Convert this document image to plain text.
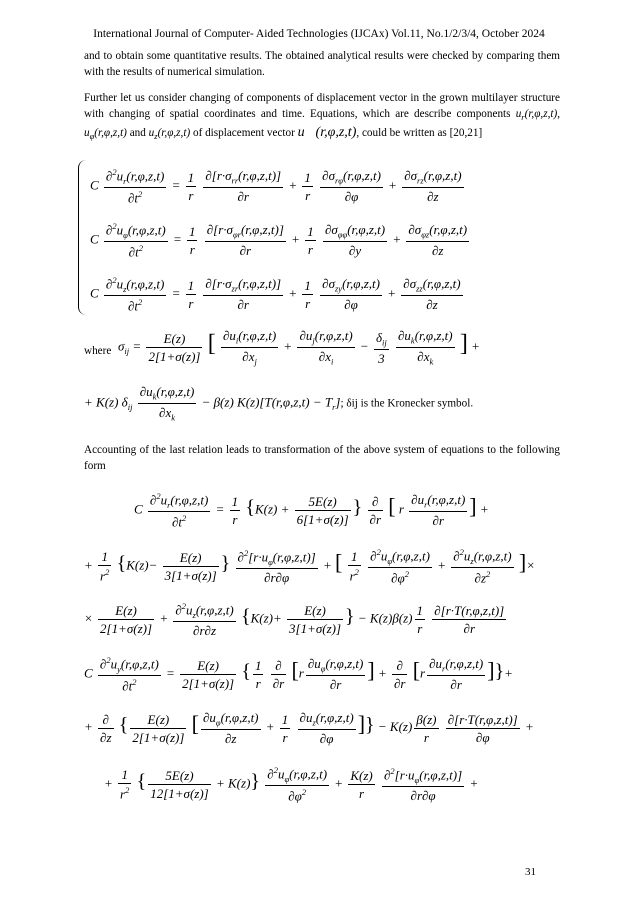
International Journal of Computer- Aided Technologies (IJCAx) Vol.11, No.1/2/3/4, October 2024

and to obtain some quantitative results. The obtained analytical results were checked by comparing them with the results of numerical simulation.

Further let us consider changing of components of displacement vector in the grown multilayer structure with changing of spatial coordinates and time. Equations, which are describe components $u_r(r,\varphi,z,t)$, $u_\varphi(r,\varphi,z,t)$ and $u_z(r,\varphi,z,t)$ of displacement vector u⃗(r,φ,z,t), could be written as [20,21]

C $\frac{\partial^2u_r(r,\varphi,z,t)}{\partial t^2} = \frac{1}{r}$
$\frac{\partial[r\cdot\sigma_{rr}(r,\varphi,z,t)]}{\partial r} + \frac{1}{r}$
$\frac{\partial\sigma_{r\varphi}(r,\varphi,z,t)}{\partial\varphi} + \frac{\partial\sigma_{rz}(r,\varphi,z,t)}{\partial z}$
C $\frac{\partial^2u_\varphi(r,\varphi,z,t)}{\partial t^2} = \frac{1}{r}$
$\frac{\partial[r\cdot\sigma_{\varphi r}(r,\varphi,z,t)]}{\partial r} + \frac{1}{r}$
$\frac{\partial\sigma_{\varphi\varphi}(r,\varphi,z,t)}{\partial y} + \frac{\partial\sigma_{\varphi z}(r,\varphi,z,t)}{\partial z}$
C $\frac{\partial^2u_z(r,\varphi,z,t)}{\partial t^2} = \frac{1}{r}$
$\frac{\partial[r\cdot\sigma_{zr}(r,\varphi,z,t)]}{\partial r} + \frac{1}{r}$
$\frac{\partial\sigma_{zy}(r,\varphi,z,t)}{\partial\varphi} + \frac{\partial\sigma_{zz}(r,\varphi,z,t)}{\partial z}$
where $\sigma_{ij} = \frac{E(z)}{2[1+\sigma(z)]}$ [ $\frac{\partial u_i(r,\varphi,z,t)}{\partial x_j} + \frac{\partial u_j(r,\varphi,z,t)}{\partial x_i} - \frac{\delta_{ij}}{3}$
$\frac{\partial u_k(r,\varphi,z,t)}{\partial x_k}$ ] +
+ K(z) $\delta_{ij} \frac{\partial u_k(r,\varphi,z,t)}{\partial x_k} - \beta(z) K(z)[T(r,\varphi,z,t) - T_r]$; δij is the Kronecker symbol.

Accounting of the last relation leads to transformation of the above system of equations to the following form

C $\frac{\partial^2u_r(r,\varphi,z,t)}{\partial t^2} = \frac{1}{r} \{K(z) + \frac{5E(z)}{6[1+\sigma(z)]}$ } $\frac{\partial}{\partial r}$ [ r $\frac{\partial u_r(r,\varphi,z,t)}{\partial r}$ ] +
+ $\frac{1}{r^2} \{K(z)- \frac{E(z)}{3[1+\sigma(z)]}$ } $\frac{\partial^2[r\cdot u_\varphi(r,\varphi,z,t)]}{\partial r\partial\varphi}$ + [ $\frac{1}{r^2}$
$\frac{\partial^2u_\varphi(r,\varphi,z,t)}{\partial\varphi^2} + \frac{\partial^2u_z(r,\varphi,z,t)}{\partial z^2}$ ]×
× $\frac{E(z)}{2[1+\sigma(z)]} + \frac{\partial^2u_z(r,\varphi,z,t)}{\partial r\partial z} \{K(z)+ \frac{E(z)}{3[1+\sigma(z)]}$ } − $K(z)\beta(z) \frac{1}{r}$
$\frac{\partial[r\cdot T(r,\varphi,z,t)]}{\partial r}$
C $\frac{\partial^2u_y(r,\varphi,z,t)}{\partial t^2} = \frac{E(z)}{2[1+\sigma(z)]}$ { $\frac{1}{r}$
$\frac{\partial}{\partial r} [r \frac{\partial u_\varphi(r,\varphi,z,t)}{\partial r}$ ] + $\frac{\partial}{\partial r} [r \frac{\partial u_r(r,\varphi,z,t)}{\partial r}$ ]}+
+ $\frac{\partial}{\partial z}$ { $\frac{E(z)}{2[1+\sigma(z)]}$ [ $\frac{\partial u_\varphi(r,\varphi,z,t)}{\partial z} + \frac{1}{r}$
$\frac{\partial u_z(r,\varphi,z,t)}{\partial\varphi}$ ]} − $K(z) \frac{\beta(z)}{r}$
$\frac{\partial[r\cdot T(r,\varphi,z,t)]}{\partial\varphi}$ +
+ $\frac{1}{r^2}$ { $\frac{5E(z)}{12[1+\sigma(z)]} + K(z)\} \frac{\partial^2u_\varphi(r,\varphi,z,t)}{\partial\varphi^2} + \frac{K(z)}{r}$
$\frac{\partial^2[r\cdot u_\varphi(r,\varphi,z,t)]}{\partial r\partial\varphi}$ +
31
